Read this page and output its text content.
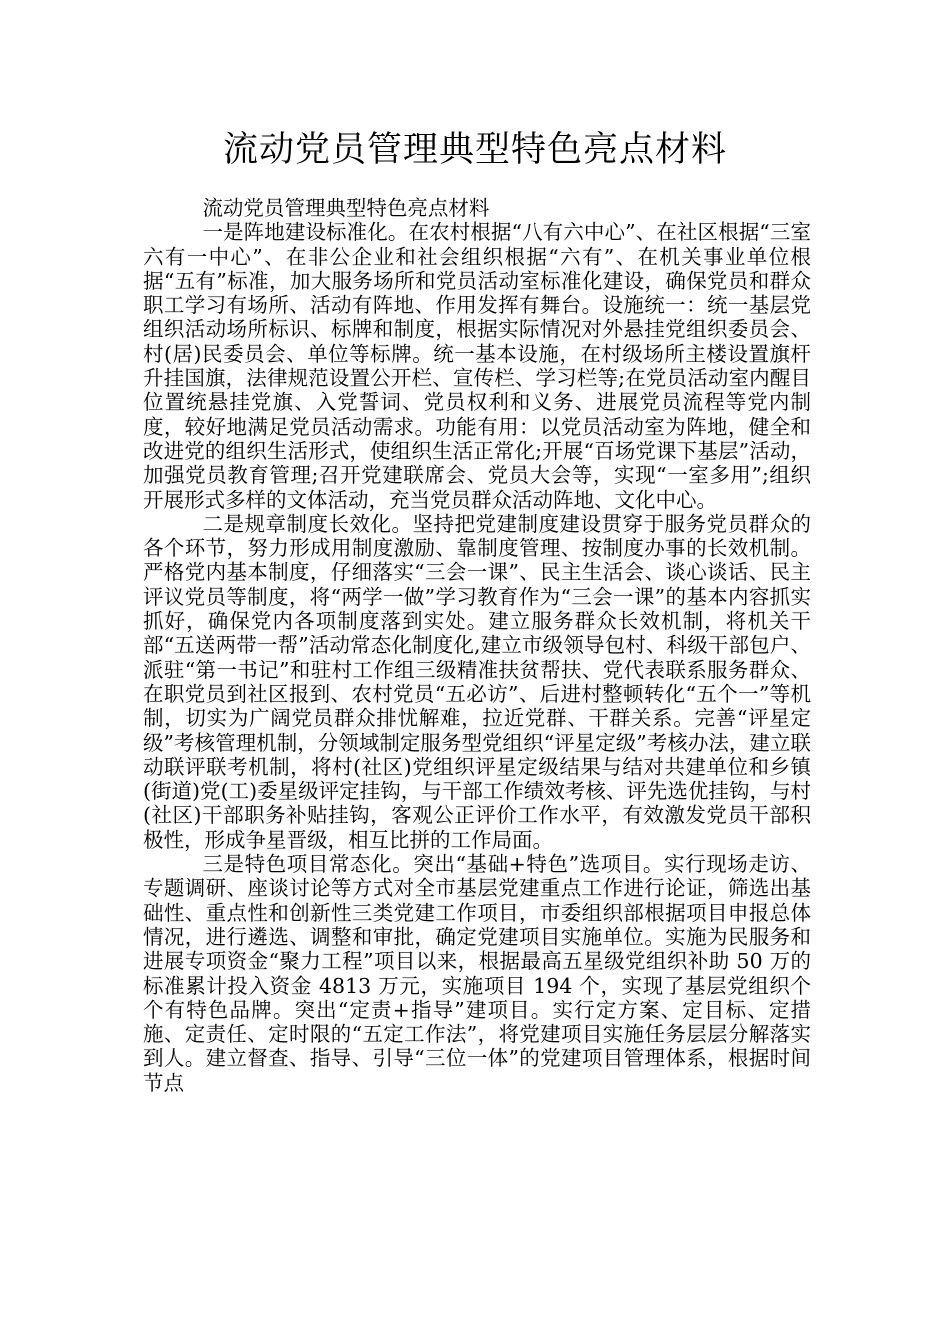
流动党员管理典型特色亮点材料

流动党员管理典型特色亮点材料

一是阵地建设标准化。在农村根据“八有六中心”、在社区根据“三室六有一中心”、在非公企业和社会组织根据“六有”、在机关事业单位根据“五有”标准，加大服务场所和党员活动室标准化建设，确保党员和群众职工学习有场所、活动有阵地、作用发挥有舞台。设施统一：统一基层党组织活动场所标识、标牌和制度，根据实际情况对外悬挂党组织委员会、村(居)民委员会、单位等标牌。统一基本设施，在村级场所主楼设置旗杆升挂国旗，法律规范设置公开栏、宣传栏、学习栏等;在党员活动室内醒目位置统悬挂党旗、入党誓词、党员权利和义务、进展党员流程等党内制度，较好地满足党员活动需求。功能有用：以党员活动室为阵地，健全和改进党的组织生活形式，使组织生活正常化;开展“百场党课下基层”活动，加强党员教育管理;召开党建联席会、党员大会等，实现“一室多用”;组织开展形式多样的文体活动，充当党员群众活动阵地、文化中心。

二是规章制度长效化。坚持把党建制度建设贯穿于服务党员群众的各个环节，努力形成用制度激励、靠制度管理、按制度办事的长效机制。严格党内基本制度，仔细落实“三会一课”、民主生活会、谈心谈话、民主评议党员等制度，将“两学一做”学习教育作为“三会一课”的基本内容抓实抓好，确保党内各项制度落到实处。建立服务群众长效机制，将机关干部“五送两带一帮”活动常态化制度化,建立市级领导包村、科级干部包户、派驻“第一书记”和驻村工作组三级精准扶贫帮扶、党代表联系服务群众、在职党员到社区报到、农村党员“五必访”、后进村整顿转化“五个一”等机制，切实为广阔党员群众排忧解难，拉近党群、干群关系。完善“评星定级”考核管理机制，分领域制定服务型党组织“评星定级”考核办法，建立联动联评联考机制，将村(社区)党组织评星定级结果与结对共建单位和乡镇(街道)党(工)委星级评定挂钩，与干部工作绩效考核、评先选优挂钩，与村(社区)干部职务补贴挂钩，客观公正评价工作水平，有效激发党员干部积极性，形成争星晋级，相互比拼的工作局面。

三是特色项目常态化。突出“基础+特色”选项目。实行现场走访、专题调研、座谈讨论等方式对全市基层党建重点工作进行论证，筛选出基础性、重点性和创新性三类党建工作项目，市委组织部根据项目申报总体情况，进行遴选、调整和审批，确定党建项目实施单位。实施为民服务和进展专项资金“聚力工程”项目以来，根据最高五星级党组织补助 50 万的标准累计投入资金 4813 万元，实施项目 194 个，实现了基层党组织个个有特色品牌。突出“定责+指导”建项目。实行定方案、定目标、定措施、定责任、定时限的“五定工作法”，将党建项目实施任务层层分解落实到人。建立督查、指导、引导“三位一体”的党建项目管理体系，根据时间节点
